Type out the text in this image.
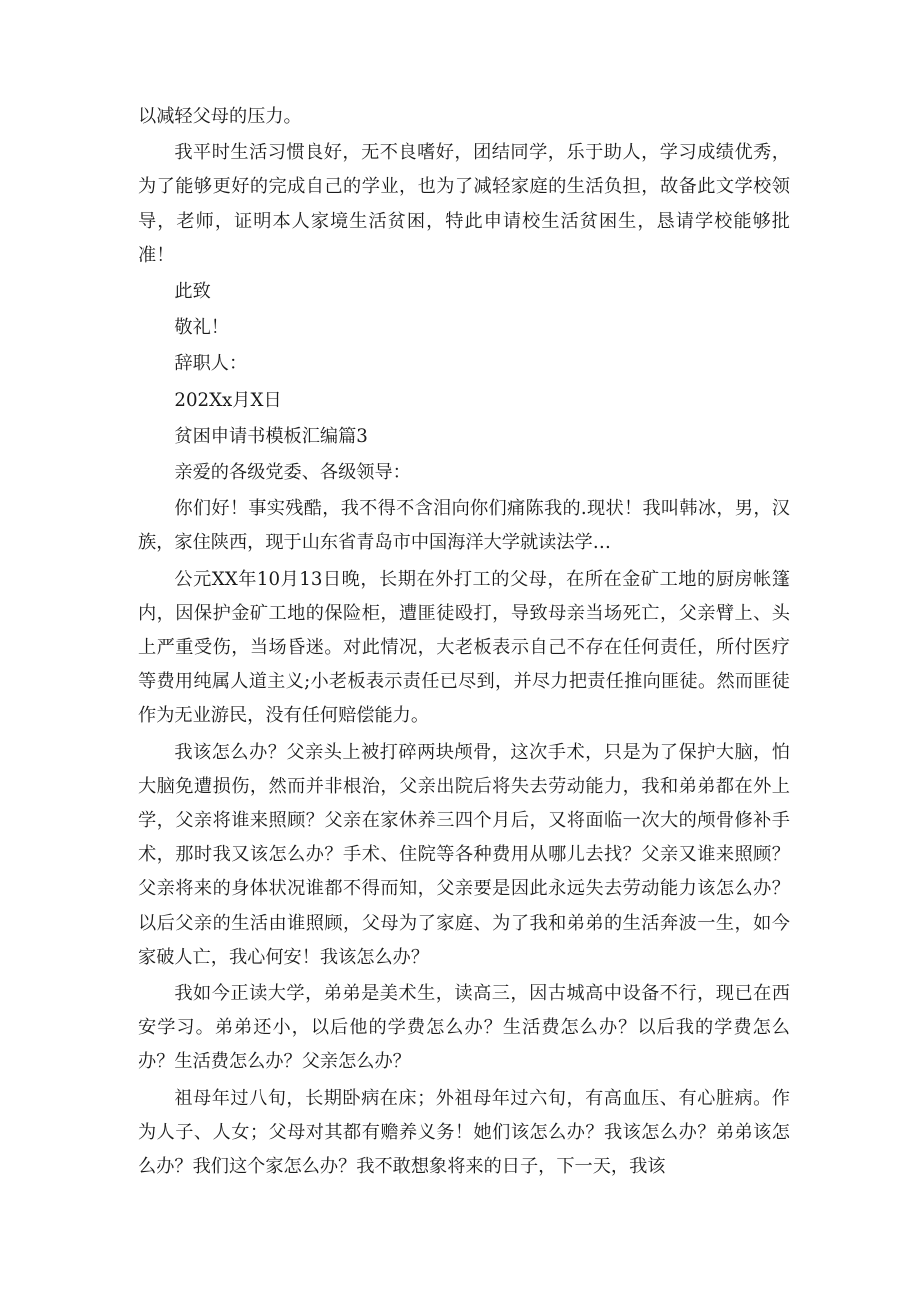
以减轻父母的压力。

我平时生活习惯良好，无不良嗜好，团结同学，乐于助人，学习成绩优秀，为了能够更好的完成自己的学业，也为了减轻家庭的生活负担，故备此文学校领导，老师，证明本人家境生活贫困，特此申请校生活贫困生，恳请学校能够批准！

此致

敬礼！

辞职人：

202Xx月X日

贫困申请书模板汇编篇3

亲爱的各级党委、各级领导：

你们好！事实残酷，我不得不含泪向你们痛陈我的.现状！我叫韩冰，男，汉族，家住陕西，现于山东省青岛市中国海洋大学就读法学…

公元XX年10月13日晚，长期在外打工的父母，在所在金矿工地的厨房帐篷内，因保护金矿工地的保险柜，遭匪徒殴打，导致母亲当场死亡，父亲臂上、头上严重受伤，当场昏迷。对此情况，大老板表示自己不存在任何责任，所付医疗等费用纯属人道主义;小老板表示责任已尽到，并尽力把责任推向匪徒。然而匪徒作为无业游民，没有任何赔偿能力。

我该怎么办？父亲头上被打碎两块颅骨，这次手术，只是为了保护大脑，怕大脑免遭损伤，然而并非根治，父亲出院后将失去劳动能力，我和弟弟都在外上学，父亲将谁来照顾？父亲在家休养三四个月后，又将面临一次大的颅骨修补手术，那时我又该怎么办？手术、住院等各种费用从哪儿去找？父亲又谁来照顾？父亲将来的身体状况谁都不得而知，父亲要是因此永远失去劳动能力该怎么办？以后父亲的生活由谁照顾，父母为了家庭、为了我和弟弟的生活奔波一生，如今家破人亡，我心何安！我该怎么办？

我如今正读大学，弟弟是美术生，读高三，因古城高中设备不行，现已在西安学习。弟弟还小，以后他的学费怎么办？生活费怎么办？以后我的学费怎么办？生活费怎么办？父亲怎么办？

祖母年过八旬，长期卧病在床；外祖母年过六旬，有高血压、有心脏病。作为人子、人女；父母对其都有赡养义务！她们该怎么办？我该怎么办？弟弟该怎么办？我们这个家怎么办？我不敢想象将来的日子，下一天，我该
